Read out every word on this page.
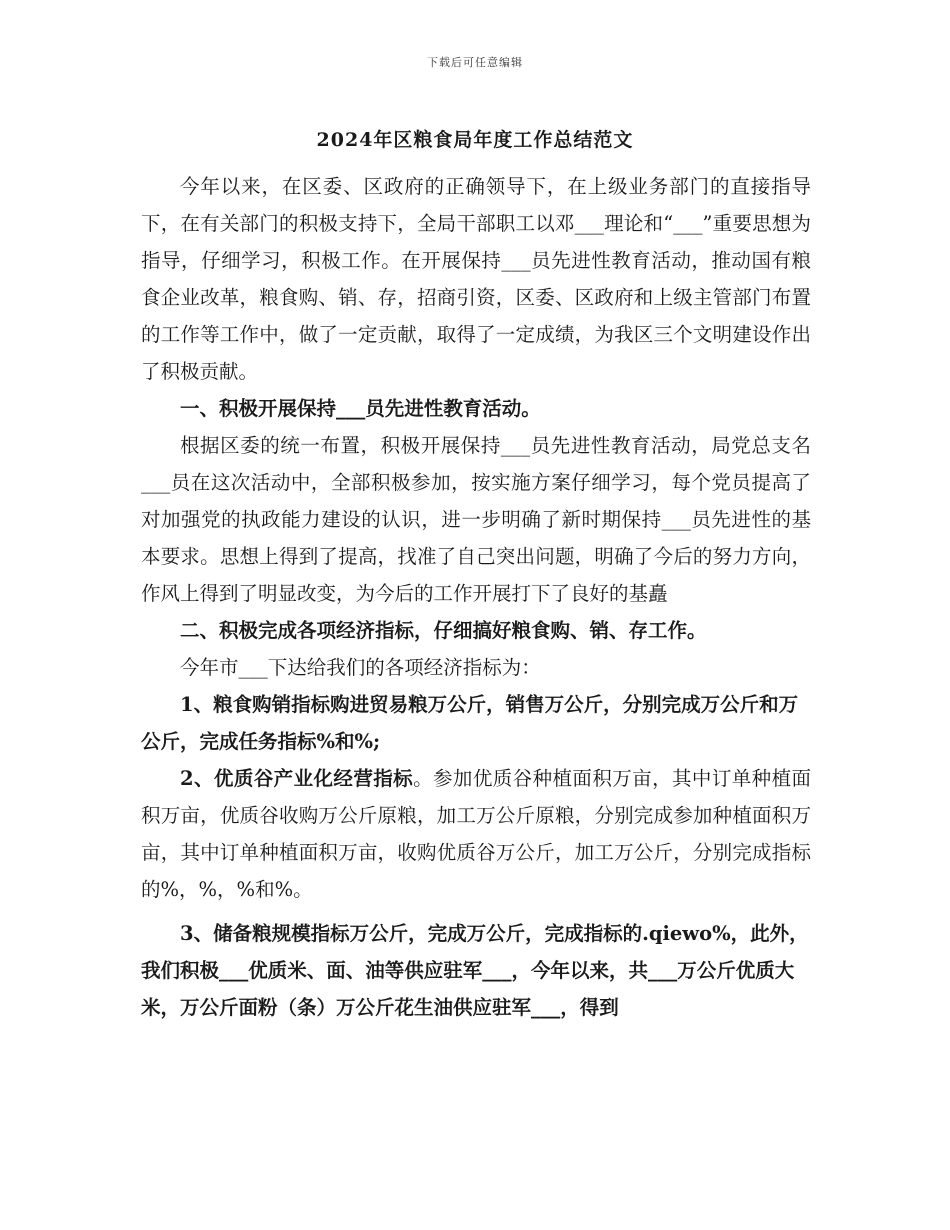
下载后可任意编辑
2024年区粮食局年度工作总结范文

今年以来，在区委、区政府的正确领导下，在上级业务部门的直接指导下，在有关部门的积极支持下，全局干部职工以邓___理论和“___”重要思想为指导，仔细学习，积极工作。在开展保持___员先进性教育活动，推动国有粮食企业改革，粮食购、销、存，招商引资，区委、区政府和上级主管部门布置的工作等工作中，做了一定贡献，取得了一定成绩，为我区三个文明建设作出了积极贡献。

一、积极开展保持___员先进性教育活动。

根据区委的统一布置，积极开展保持___员先进性教育活动，局党总支名___员在这次活动中，全部积极参加，按实施方案仔细学习，每个党员提高了对加强党的执政能力建设的认识，进一步明确了新时期保持___员先进性的基本要求。思想上得到了提高，找准了自己突出问题，明确了今后的努力方向，作风上得到了明显改变，为今后的工作开展打下了良好的基矗

二、积极完成各项经济指标，仔细搞好粮食购、销、存工作。

今年市___下达给我们的各项经济指标为：

1、粮食购销指标购进贸易粮万公斤，销售万公斤，分别完成万公斤和万公斤，完成任务指标%和%;

2、优质谷产业化经营指标。参加优质谷种植面积万亩，其中订单种植面积万亩，优质谷收购万公斤原粮，加工万公斤原粮，分别完成参加种植面积万亩，其中订单种植面积万亩，收购优质谷万公斤，加工万公斤，分别完成指标的%，%，%和%。

3、储备粮规模指标万公斤，完成万公斤，完成指标的.qiewo%，此外，我们积极___优质米、面、油等供应驻军___，今年以来，共___万公斤优质大米，万公斤面粉（条）万公斤花生油供应驻军___，得到
